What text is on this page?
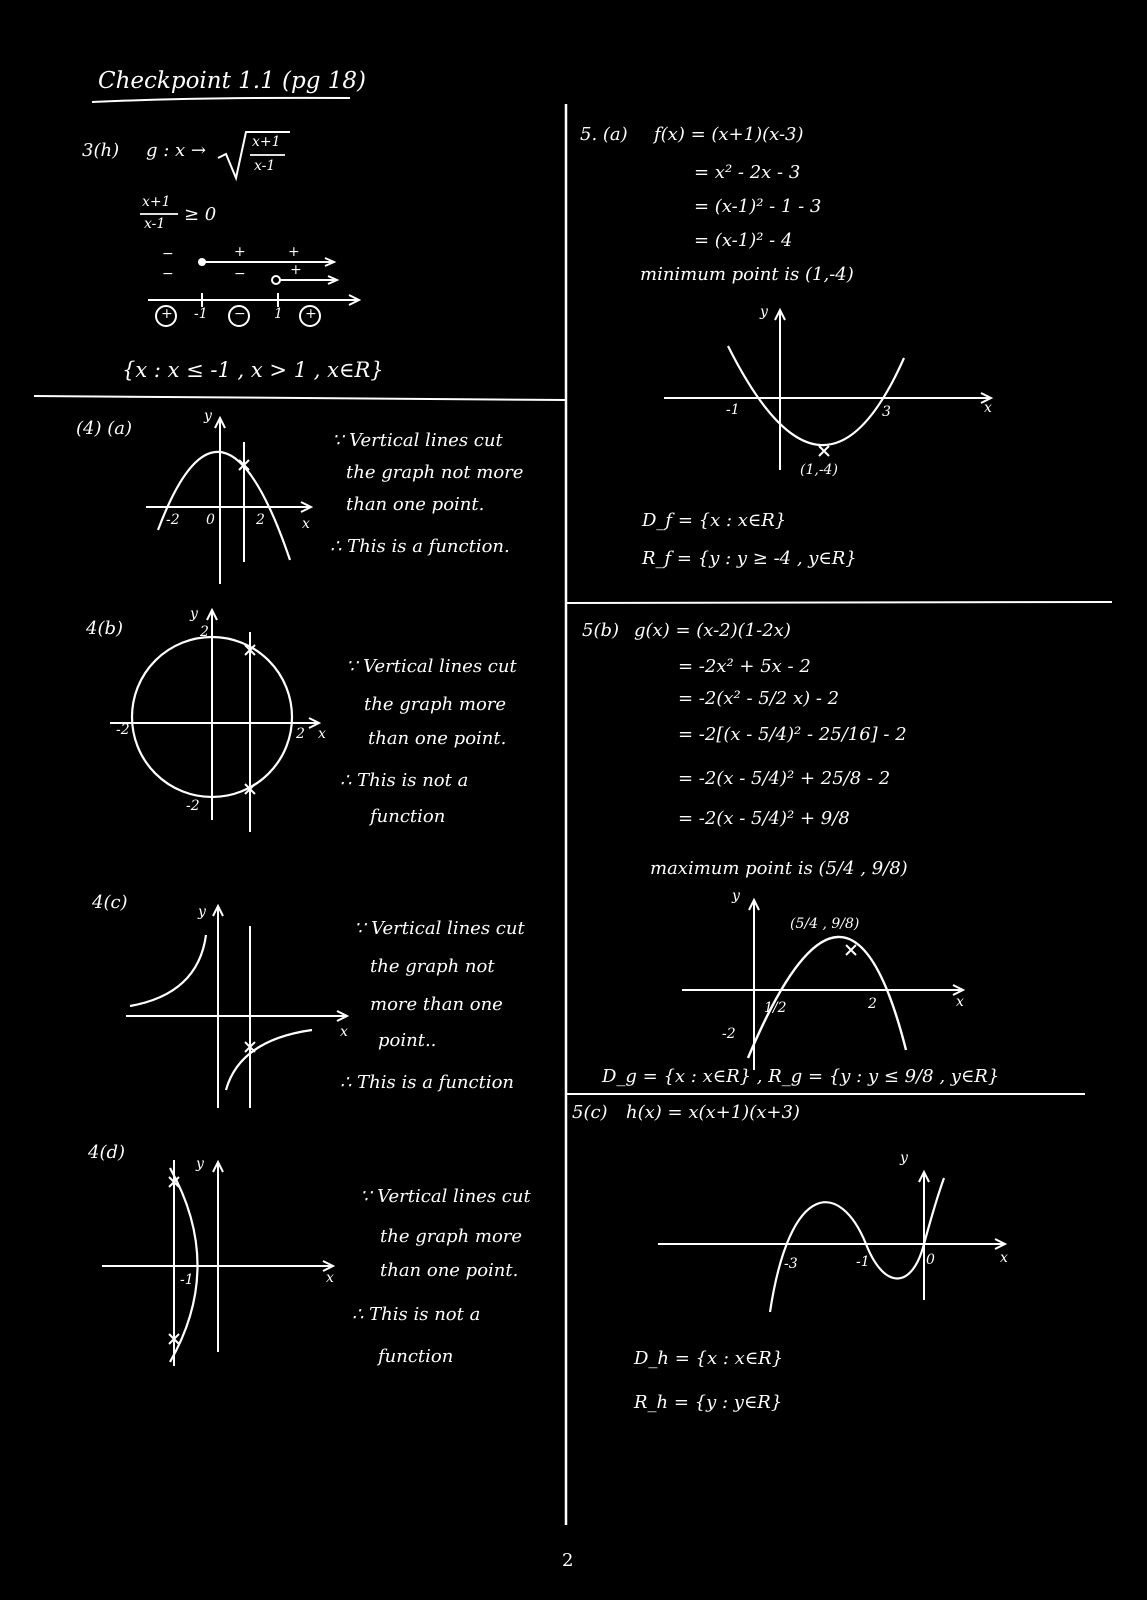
Checkpoint 1.1 (pg 18)
3(h) g : x →	x+1
x-1
x+1
x-1 ≥ 0
−	+	+
−	−	+
+	−	+
-1	1
{x : x ≤ -1 , x > 1 , x∈R}
(4) (a)
y
x
-2 0	2
∵ Vertical lines cut
the graph not more
than one point.
∴ This is a function.
4(b)
y
x
2
-2	2
-2
∵ Vertical lines cut
the graph more
than one point.
∴ This is not a
function
4(c)	y
x
∵ Vertical lines cut
the graph not
more than one
point..
∴ This is a function
4(d)
y
x
-1
∵ Vertical lines cut
the graph more
than one point.
∴ This is not a
function
5. (a) f(x) = (x+1)(x-3)
= x² - 2x - 3
= (x-1)² - 1 - 3
= (x-1)² - 4
minimum point is (1,-4)
y
x
-1	3
(1,-4)
D_f = {x : x∈R}
R_f = {y : y ≥ -4 , y∈R}
5(b) g(x) = (x-2)(1-2x)
= -2x² + 5x - 2
= -2(x² - 5/2 x) - 2
= -2[(x - 5/4)² - 25/16] - 2
= -2(x - 5/4)² + 25/8 - 2
= -2(x - 5/4)² + 9/8
maximum point is (5/4 , 9/8)
y
x
(5/4 , 9/8)
1/2	2
-2
D_g = {x : x∈R} , R_g = {y : y ≤ 9/8 , y∈R}
5(c) h(x) = x(x+1)(x+3)
y
x
-3	-1	0
D_h = {x : x∈R}
R_h = {y : y∈R}
2
